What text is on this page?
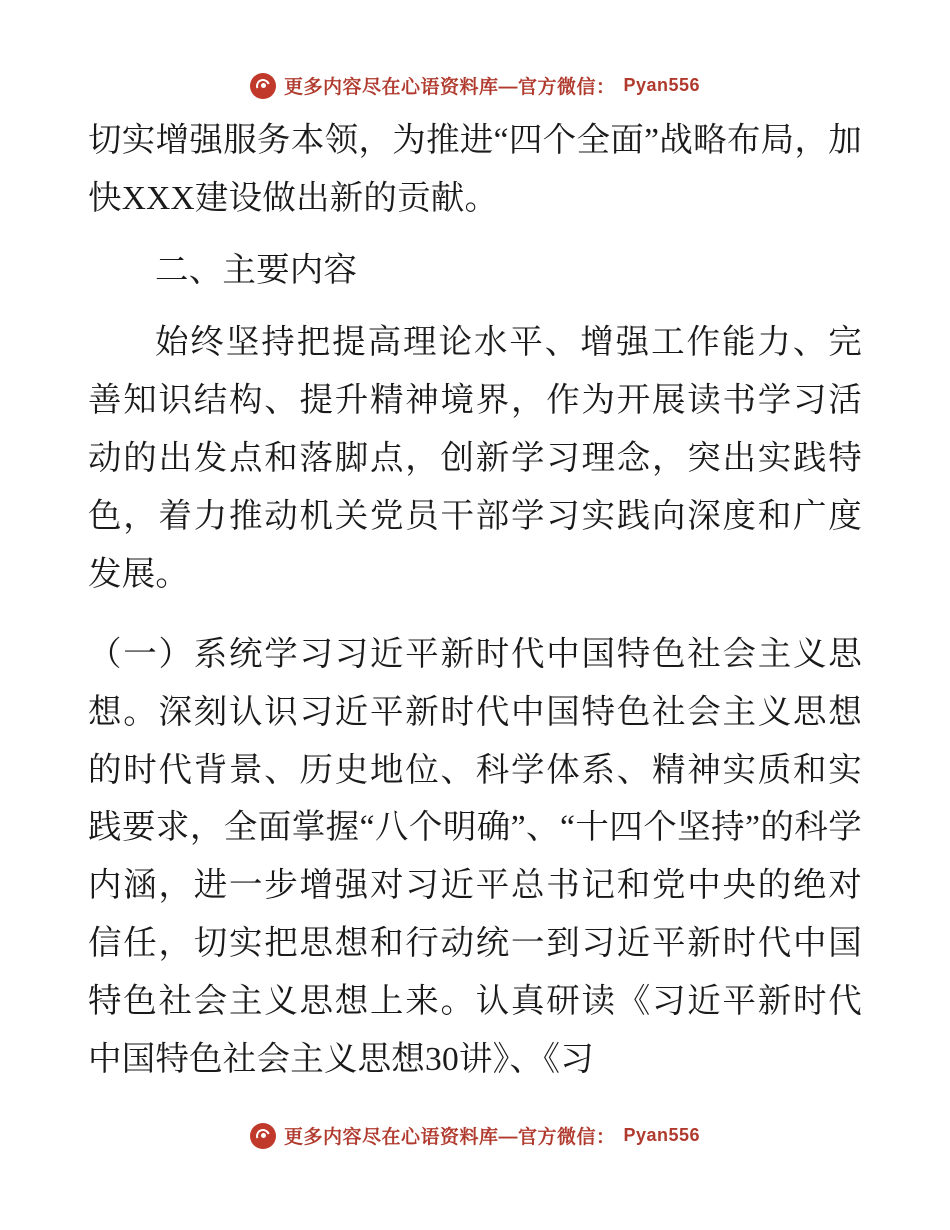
更多内容尽在心语资料库—官方微信： Pyan556

切实增强服务本领，为推进“四个全面”战略布局，加快XXX建设做出新的贡献。

二、主要内容

始终坚持把提高理论水平、增强工作能力、完善知识结构、提升精神境界，作为开展读书学习活动的出发点和落脚点，创新学习理念，突出实践特色，着力推动机关党员干部学习实践向深度和广度发展。

（一）系统学习习近平新时代中国特色社会主义思想。深刻认识习近平新时代中国特色社会主义思想的时代背景、历史地位、科学体系、精神实质和实践要求，全面掌握“八个明确”、“十四个坚持”的科学内涵，进一步增强对习近平总书记和党中央的绝对信任，切实把思想和行动统一到习近平新时代中国特色社会主义思想上来。认真研读《习近平新时代中国特色社会主义思想30讲》、《习

更多内容尽在心语资料库—官方微信： Pyan556
